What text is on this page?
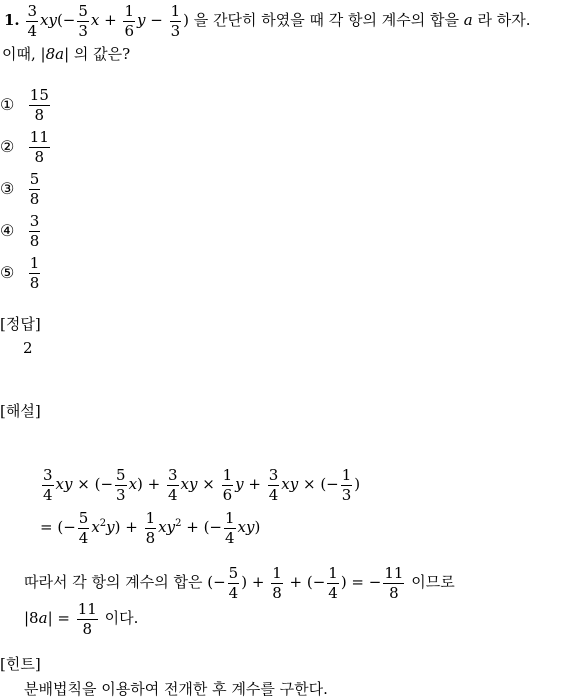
1. $\frac{3}{4} xy(- \frac{5}{3}$ $x + \frac{1}{6}$ $y - \frac{1}{3}$ ) 을 간단히 하였을 때 각 항의 계수의 합을 a 라 하자.
이때, |8a| 의 값은?
① $\frac{15}{8}$
② $\frac{11}{8}$
③ $\frac{5}{8}$
④ $\frac{3}{8}$
⑤ $\frac{1}{8}$
[정답]
2
[해설]
$\frac{3}{4}$ xy × (− $\frac{5}{3} x) + \frac{3}{4}$ xy × $\frac{1}{6}$ $y + \frac{3}{4}$ xy × (− $\frac{1}{3}$ )
= (− $\frac{5}{4} x^2y) + \frac{1}{8} xy^2$ + (− $\frac{1}{4} xy$)
따라서 각 항의 계수의 합은 (− $\frac{5}{4}$ ) + $\frac{1}{8}$ + (− $\frac{1}{4}$ ) = − $\frac{11}{8}$ 이므로
$|8a| = \frac{11}{8}$ 이다.
[힌트]
분배법칙을 이용하여 전개한 후 계수를 구한다.
